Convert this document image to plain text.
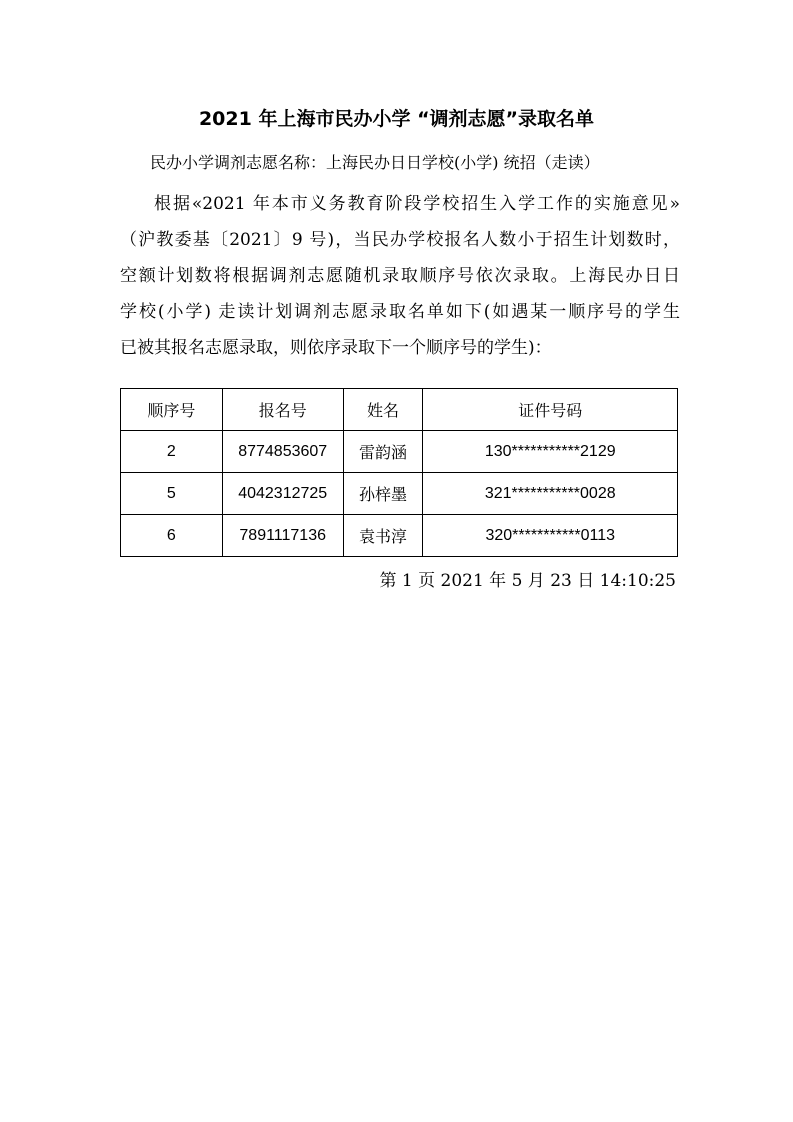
2021 年上海市民办小学 “调剂志愿”录取名单
民办小学调剂志愿名称：上海民办日日学校(小学) 统招（走读）
根据«2021 年本市义务教育阶段学校招生入学工作的实施意见»
（沪教委基〔2021〕9 号)，当民办学校报名人数小于招生计划数时，
空额计划数将根据调剂志愿随机录取顺序号依次录取。上海民办日日
学校(小学) 走读计划调剂志愿录取名单如下(如遇某一顺序号的学生
已被其报名志愿录取，则依序录取下一个顺序号的学生)：
顺序号	报名号	姓名	证件号码
2	8774853607	雷韵涵	130***********2129
5	4042312725	孙梓墨	321***********0028
6	7891117136	袁书淳	320***********0113
第 1 页 2021 年 5 月 23 日 14:10:25
